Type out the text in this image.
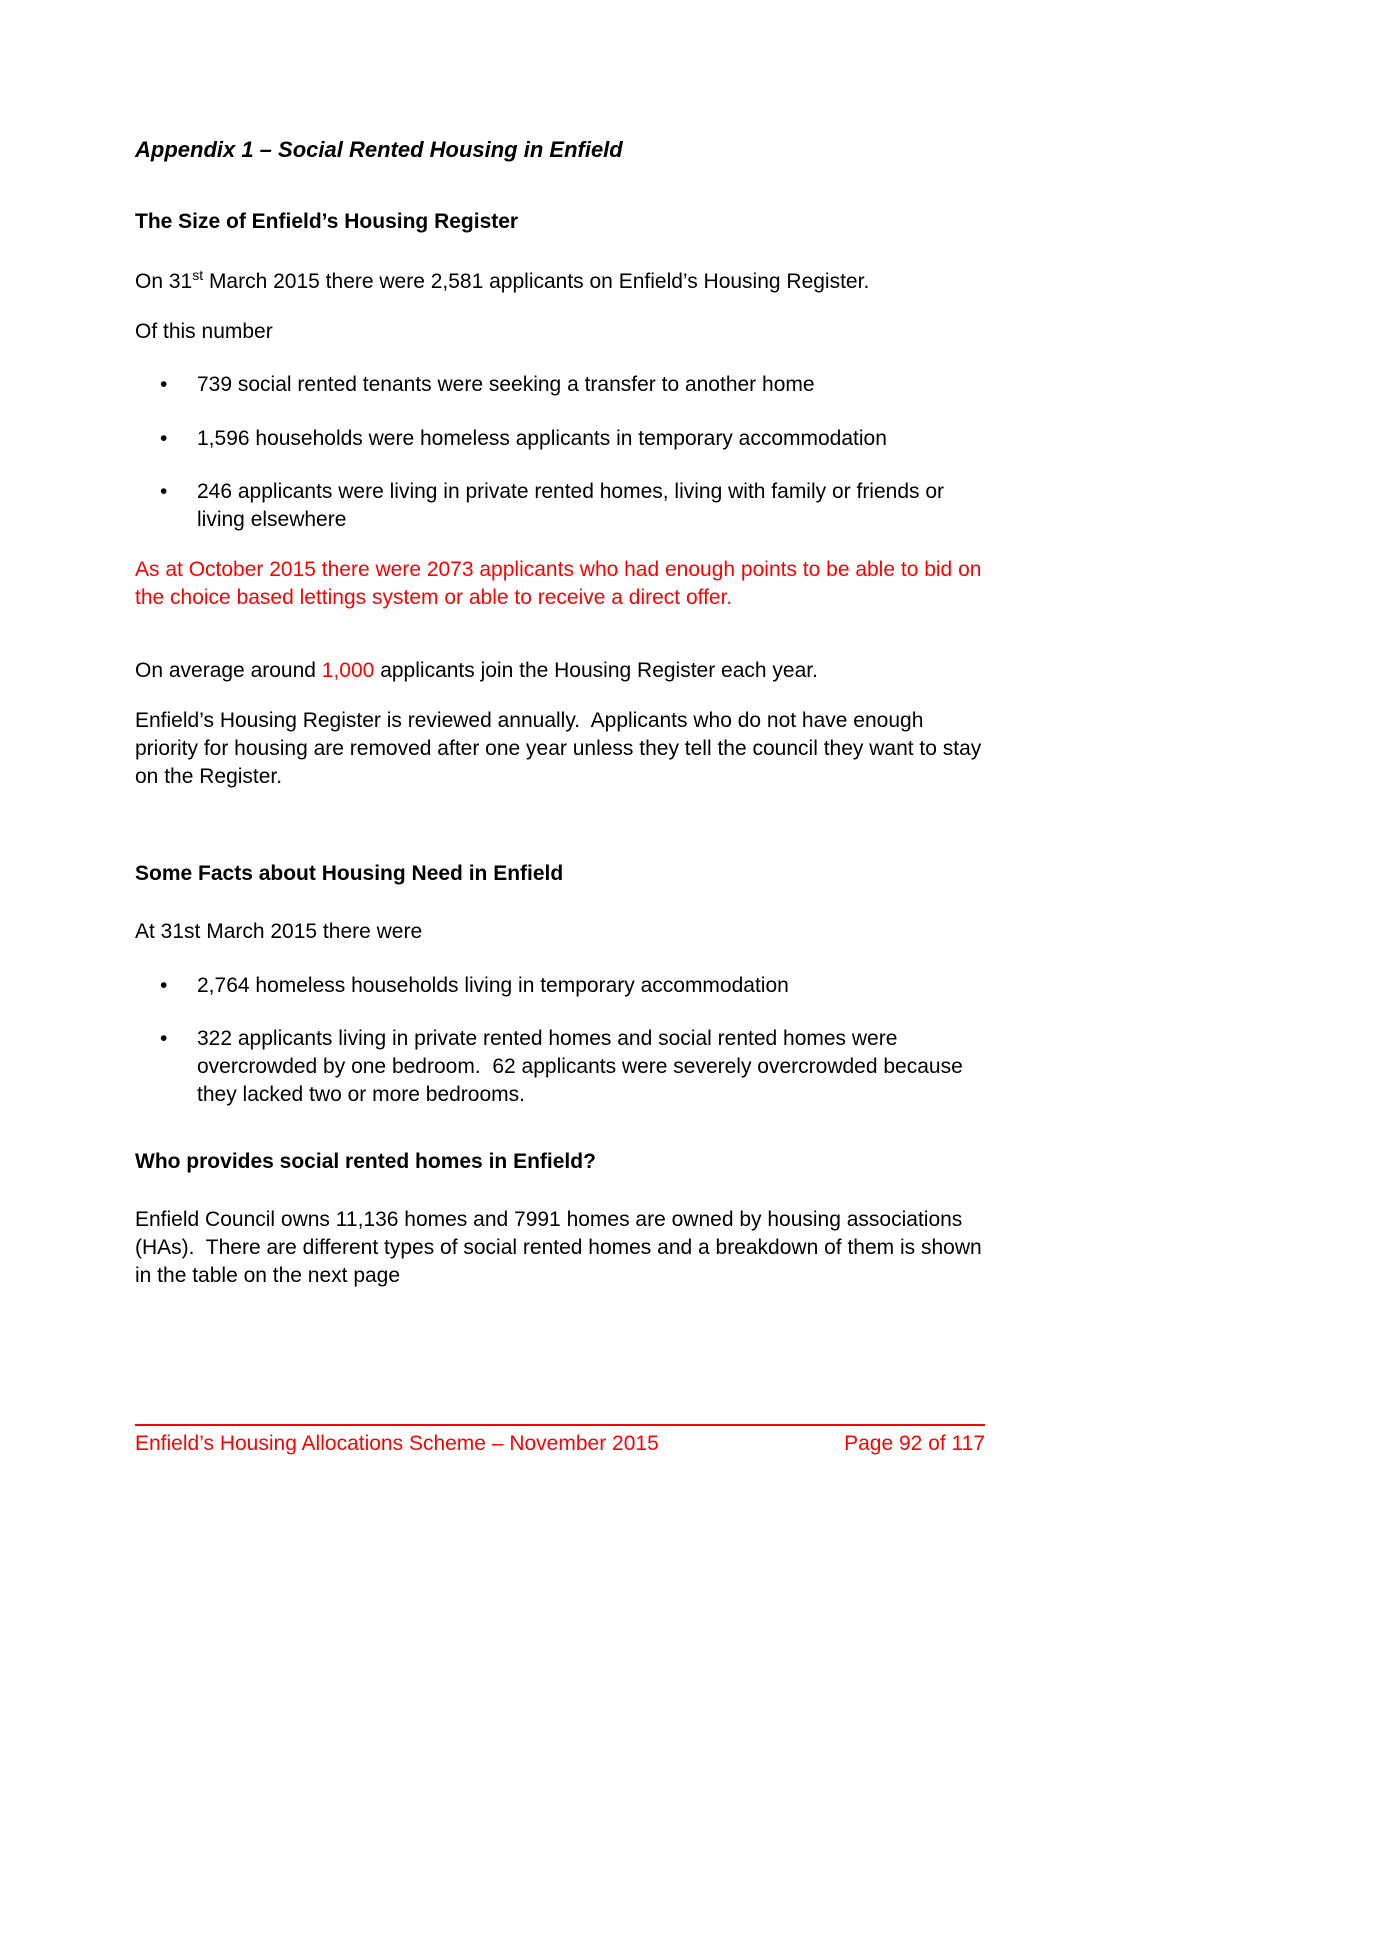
Appendix 1 – Social Rented Housing in Enfield
The Size of Enfield’s Housing Register

On 31st March 2015 there were 2,581 applicants on Enfield’s Housing Register.

Of this number

• 739 social rented tenants were seeking a transfer to another home
• 1,596 households were homeless applicants in temporary accommodation
• 246 applicants were living in private rented homes, living with family or friends or living elsewhere

As at October 2015 there were 2073 applicants who had enough points to be able to bid on the choice based lettings system or able to receive a direct offer.

On average around 1,000 applicants join the Housing Register each year.

Enfield’s Housing Register is reviewed annually.  Applicants who do not have enough priority for housing are removed after one year unless they tell the council they want to stay on the Register.

Some Facts about Housing Need in Enfield

At 31st March 2015 there were

• 2,764 homeless households living in temporary accommodation
• 322 applicants living in private rented homes and social rented homes were overcrowded by one bedroom.  62 applicants were severely overcrowded because they lacked two or more bedrooms.
Who provides social rented homes in Enfield?

Enfield Council owns 11,136 homes and 7991 homes are owned by housing associations (HAs).  There are different types of social rented homes and a breakdown of them is shown in the table on the next page

Enfield’s Housing Allocations Scheme – November 2015	Page 92 of 117
